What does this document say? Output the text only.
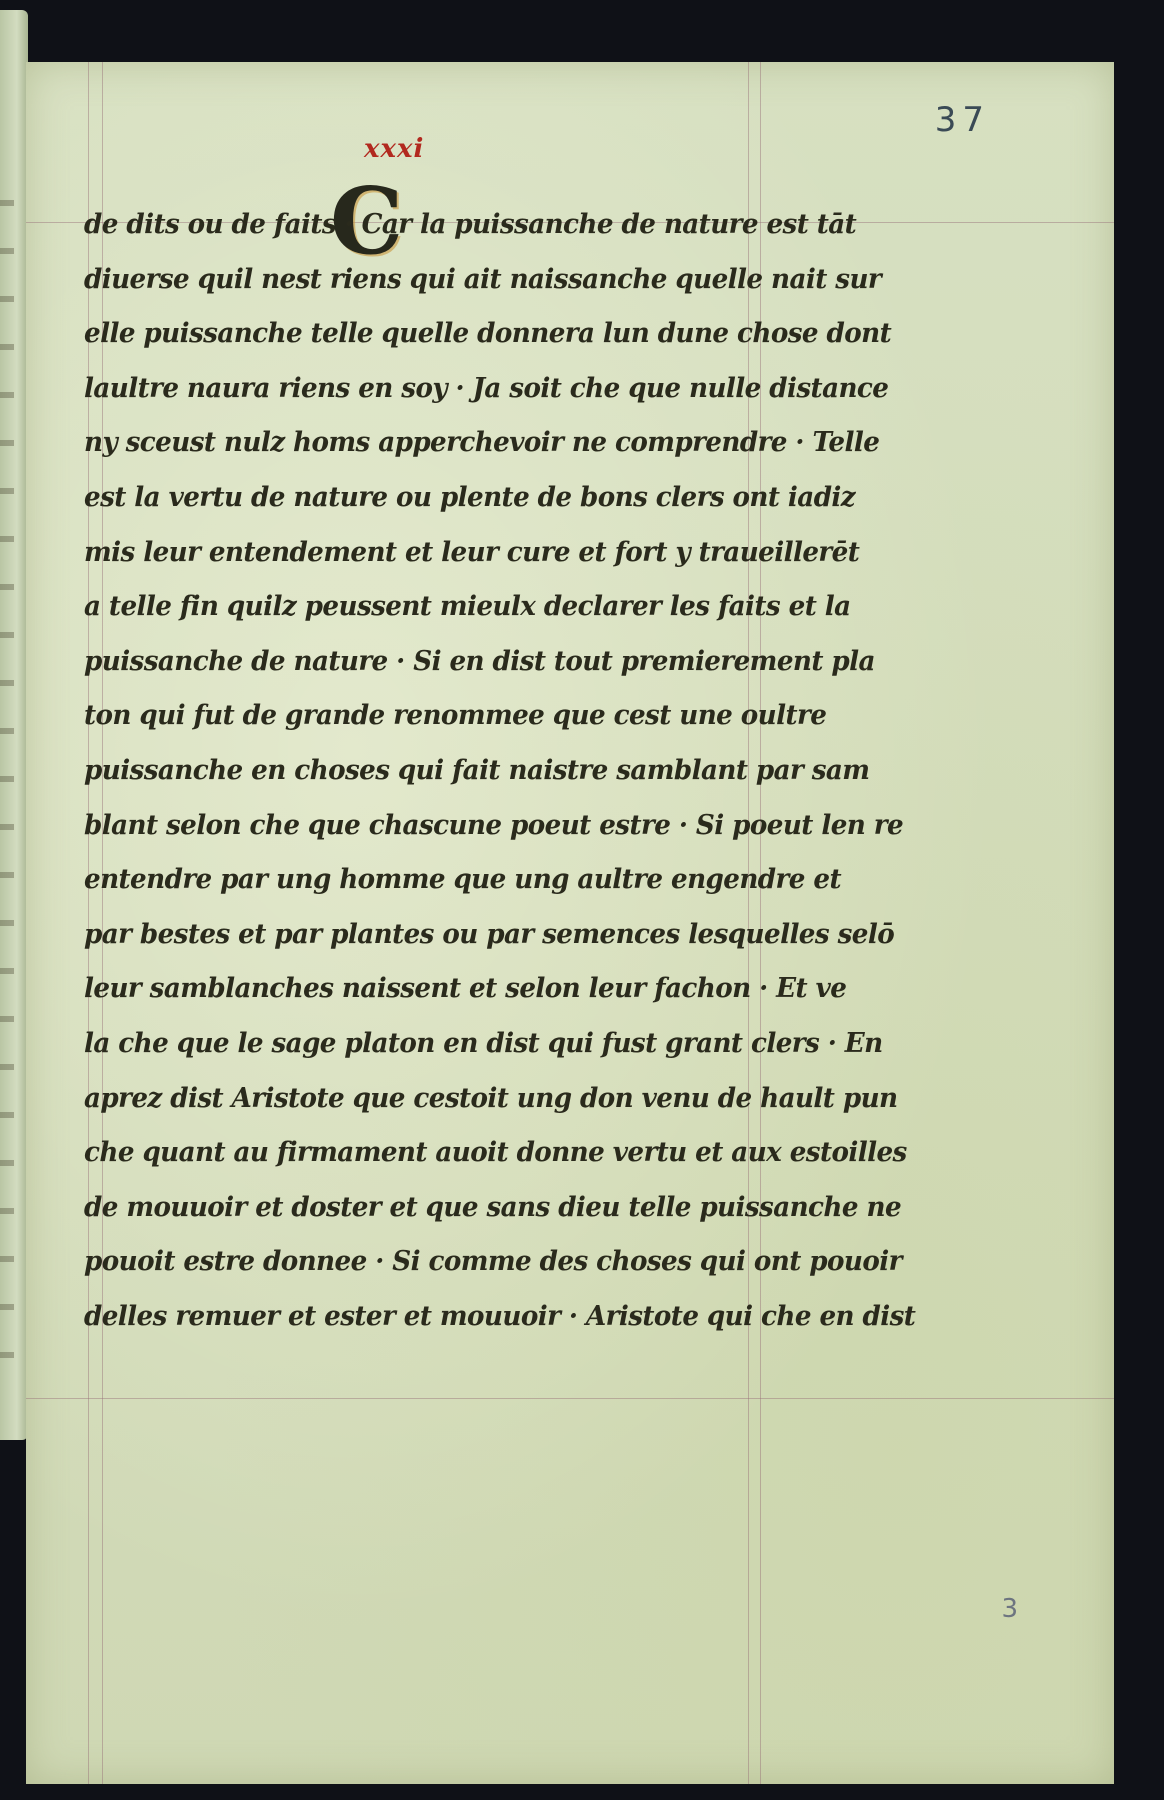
37
xxxi
C
de dits ou de faits · Car la puissanche de nature est tāt
diuerse quil nest riens qui ait naissanche quelle nait sur
elle puissanche telle quelle donnera lun dune chose dont
laultre naura riens en soy · Ja soit che que nulle distance
ny sceust nulz homs apperchevoir ne comprendre · Telle
est la vertu de nature ou plente de bons clers ont iadiz
mis leur entendement et leur cure et fort y traueillerēt
a telle fin quilz peussent mieulx declarer les faits et la
puissanche de nature · Si en dist tout premierement pla
ton qui fut de grande renommee que cest une oultre
puissanche en choses qui fait naistre samblant par sam
blant selon che que chascune poeut estre · Si poeut len re
entendre par ung homme que ung aultre engendre et
par bestes et par plantes ou par semences lesquelles selō
leur samblanches naissent et selon leur fachon · Et ve
la che que le sage platon en dist qui fust grant clers · En
aprez dist Aristote que cestoit ung don venu de hault pun
che quant au firmament auoit donne vertu et aux estoilles
de mouuoir et doster et que sans dieu telle puissanche ne
pouoit estre donnee · Si comme des choses qui ont pouoir
delles remuer et ester et mouuoir · Aristote qui che en dist
3
